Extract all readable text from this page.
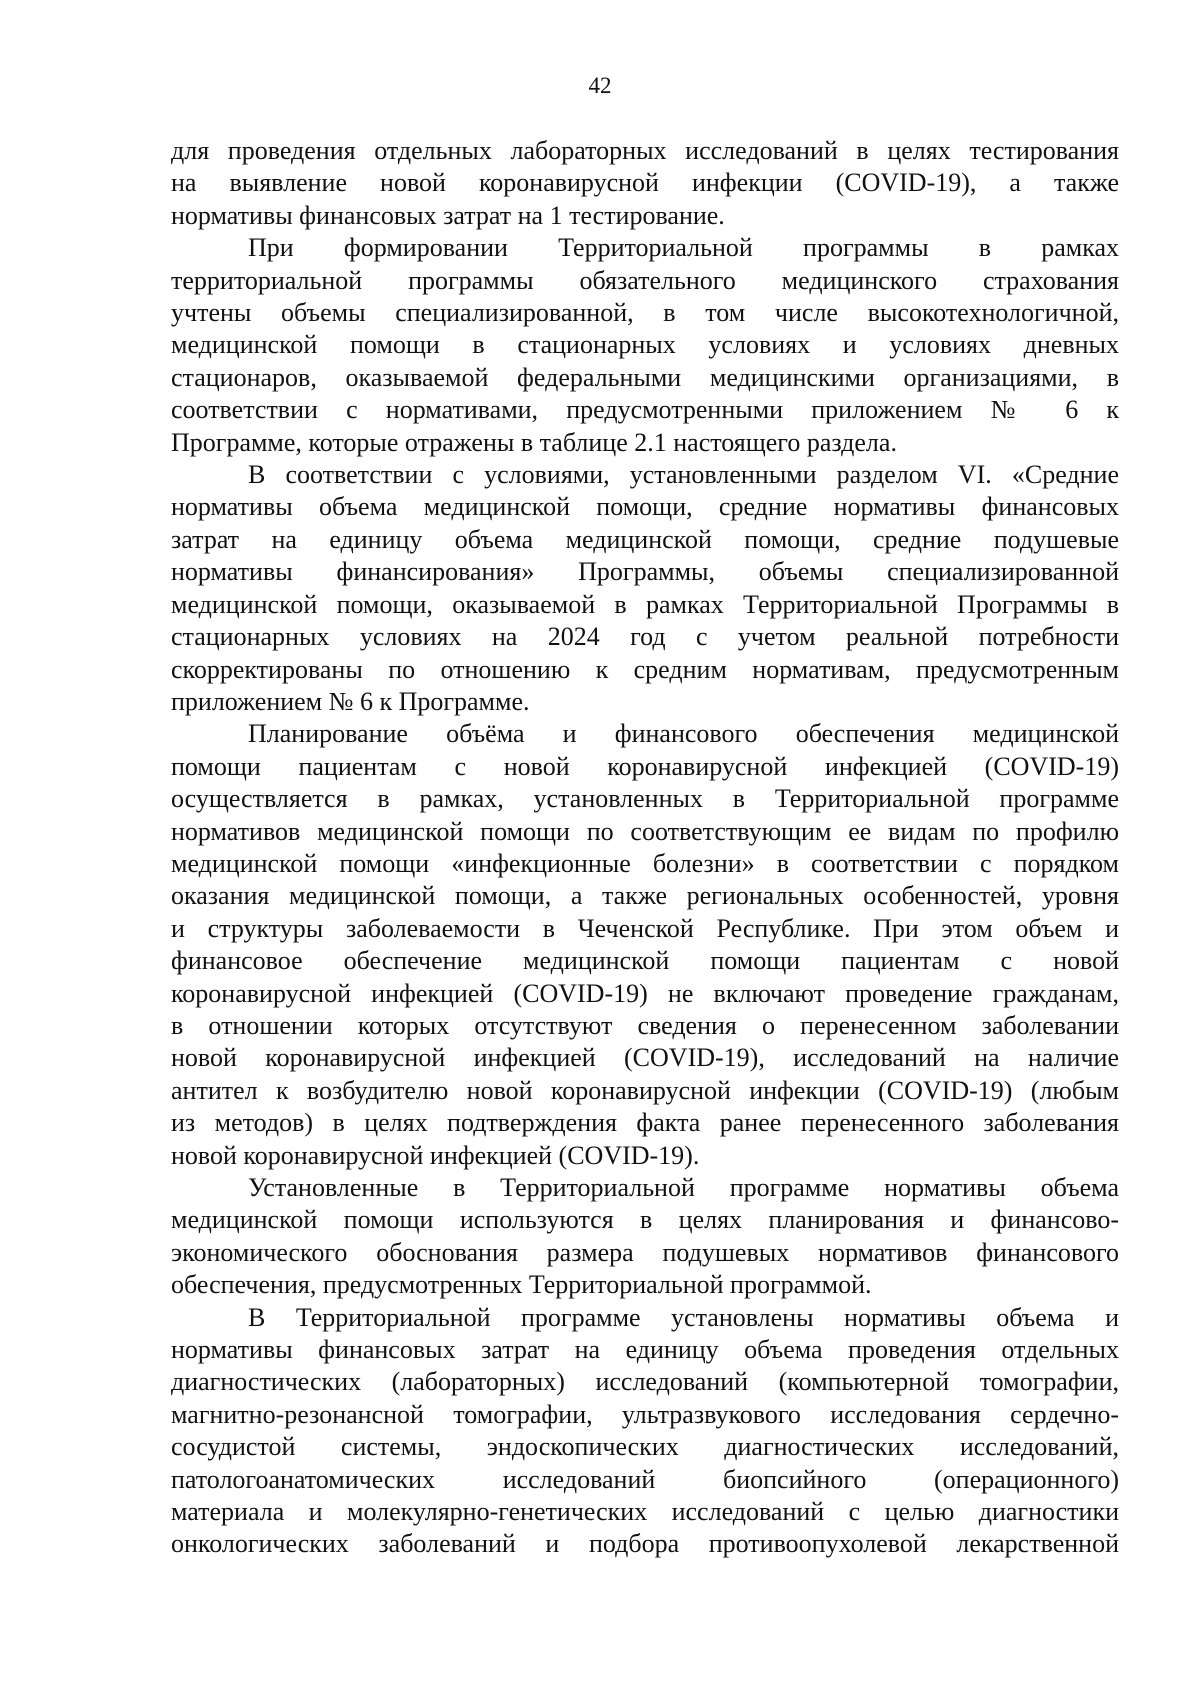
42
для проведения отдельных лабораторных исследований в целях тестирования
на выявление новой коронавирусной инфекции (COVID-19), а также
нормативы финансовых затрат на 1 тестирование.
При формировании Территориальной программы в рамках
территориальной программы обязательного медицинского страхования
учтены объемы специализированной, в том числе высокотехнологичной,
медицинской помощи в стационарных условиях и условиях дневных
стационаров, оказываемой федеральными медицинскими организациями, в
соответствии с нормативами, предусмотренными приложением № 6 к
Программе, которые отражены в таблице 2.1 настоящего раздела.
В соответствии с условиями, установленными разделом VI. «Средние
нормативы объема медицинской помощи, средние нормативы финансовых
затрат на единицу объема медицинской помощи, средние подушевые
нормативы финансирования» Программы, объемы специализированной
медицинской помощи, оказываемой в рамках Территориальной Программы в
стационарных условиях на 2024 год с учетом реальной потребности
скорректированы по отношению к средним нормативам, предусмотренным
приложением № 6 к Программе.
Планирование объёма и финансового обеспечения медицинской
помощи пациентам с новой коронавирусной инфекцией (COVID-19)
осуществляется в рамках, установленных в Территориальной программе
нормативов медицинской помощи по соответствующим ее видам по профилю
медицинской помощи «инфекционные болезни» в соответствии с порядком
оказания медицинской помощи, а также региональных особенностей, уровня
и структуры заболеваемости в Чеченской Республике. При этом объем и
финансовое обеспечение медицинской помощи пациентам с новой
коронавирусной инфекцией (COVID-19) не включают проведение гражданам,
в отношении которых отсутствуют сведения о перенесенном заболевании
новой коронавирусной инфекцией (COVID-19), исследований на наличие
антител к возбудителю новой коронавирусной инфекции (COVID-19) (любым
из методов) в целях подтверждения факта ранее перенесенного заболевания
новой коронавирусной инфекцией (COVID-19).
Установленные в Территориальной программе нормативы объема
медицинской помощи используются в целях планирования и финансово-
экономического обоснования размера подушевых нормативов финансового
обеспечения, предусмотренных Территориальной программой.
В Территориальной программе установлены нормативы объема и
нормативы финансовых затрат на единицу объема проведения отдельных
диагностических (лабораторных) исследований (компьютерной томографии,
магнитно-резонансной томографии, ультразвукового исследования сердечно-
сосудистой системы, эндоскопических диагностических исследований,
патологоанатомических исследований биопсийного (операционного)
материала и молекулярно-генетических исследований с целью диагностики
онкологических заболеваний и подбора противоопухолевой лекарственной
